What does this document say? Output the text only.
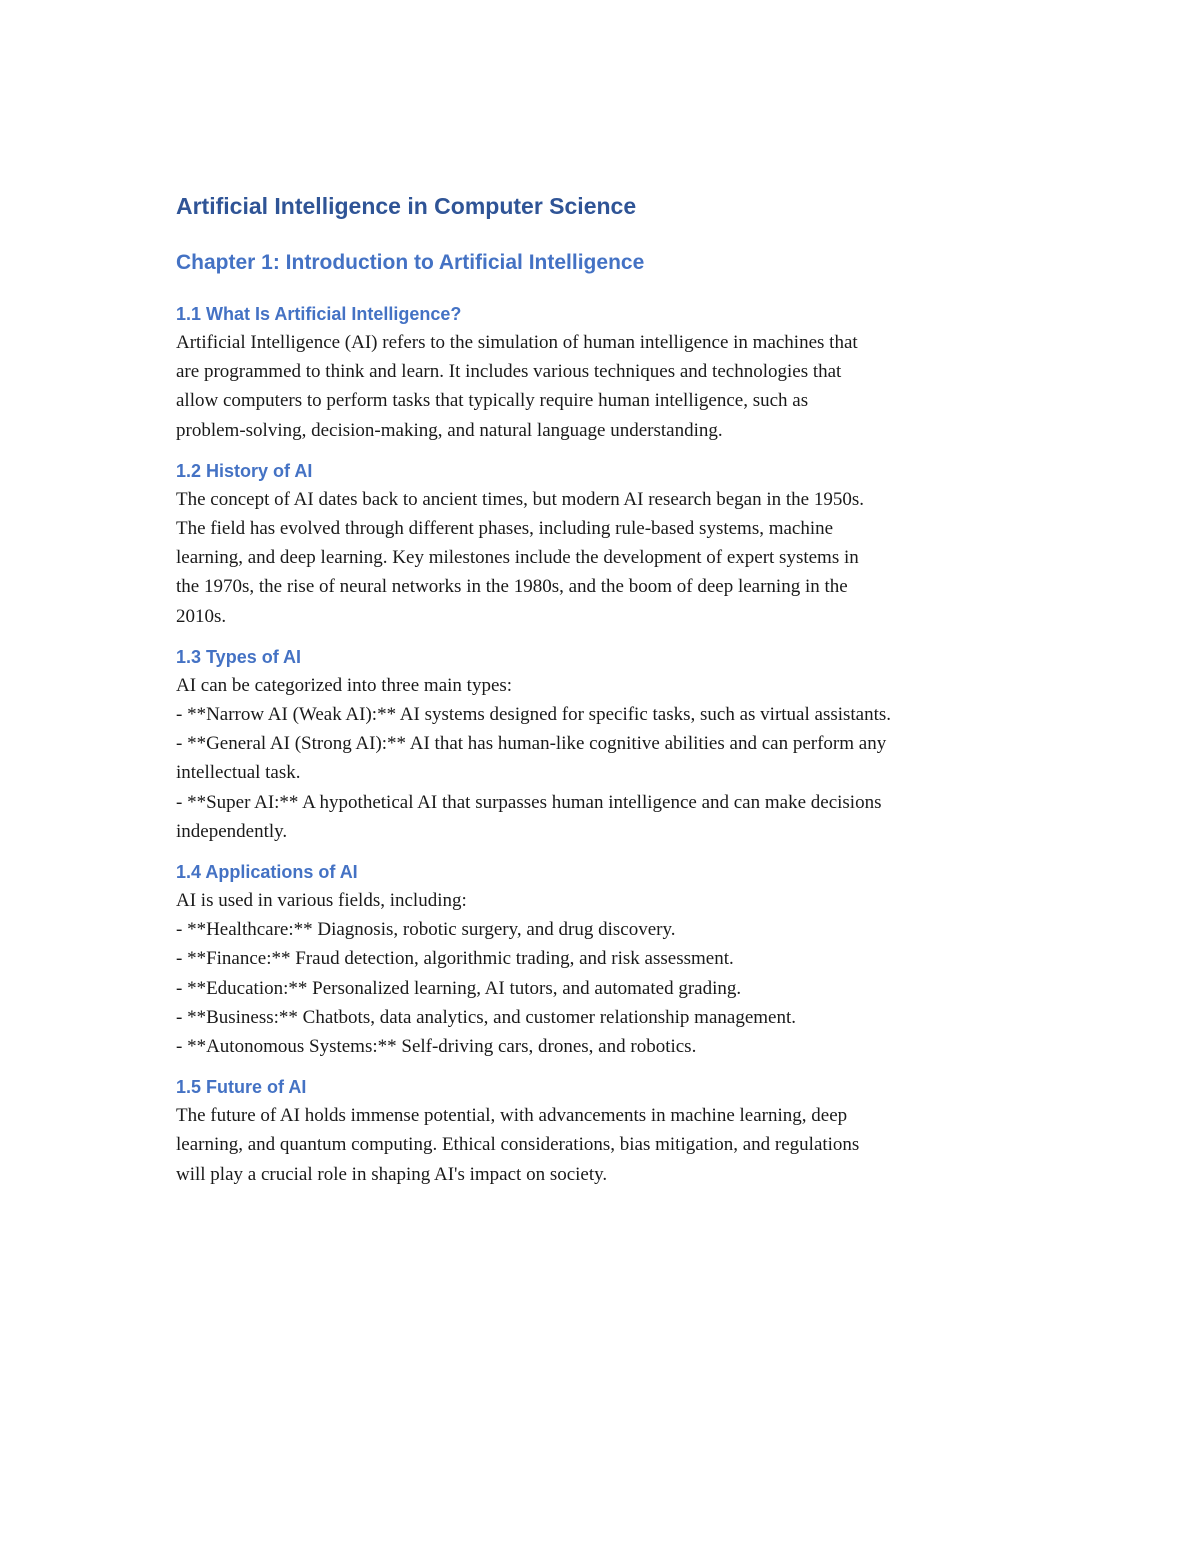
Artificial Intelligence in Computer Science
Chapter 1: Introduction to Artificial Intelligence
1.1 What Is Artificial Intelligence?
Artificial Intelligence (AI) refers to the simulation of human intelligence in machines that
are programmed to think and learn. It includes various techniques and technologies that
allow computers to perform tasks that typically require human intelligence, such as
problem-solving, decision-making, and natural language understanding.
1.2 History of AI
The concept of AI dates back to ancient times, but modern AI research began in the 1950s.
The field has evolved through different phases, including rule-based systems, machine
learning, and deep learning. Key milestones include the development of expert systems in
the 1970s, the rise of neural networks in the 1980s, and the boom of deep learning in the
2010s.
1.3 Types of AI
AI can be categorized into three main types:
- **Narrow AI (Weak AI):** AI systems designed for specific tasks, such as virtual assistants.
- **General AI (Strong AI):** AI that has human-like cognitive abilities and can perform any
intellectual task.
- **Super AI:** A hypothetical AI that surpasses human intelligence and can make decisions
independently.
1.4 Applications of AI
AI is used in various fields, including:
- **Healthcare:** Diagnosis, robotic surgery, and drug discovery.
- **Finance:** Fraud detection, algorithmic trading, and risk assessment.
- **Education:** Personalized learning, AI tutors, and automated grading.
- **Business:** Chatbots, data analytics, and customer relationship management.
- **Autonomous Systems:** Self-driving cars, drones, and robotics.
1.5 Future of AI
The future of AI holds immense potential, with advancements in machine learning, deep
learning, and quantum computing. Ethical considerations, bias mitigation, and regulations
will play a crucial role in shaping AI's impact on society.
